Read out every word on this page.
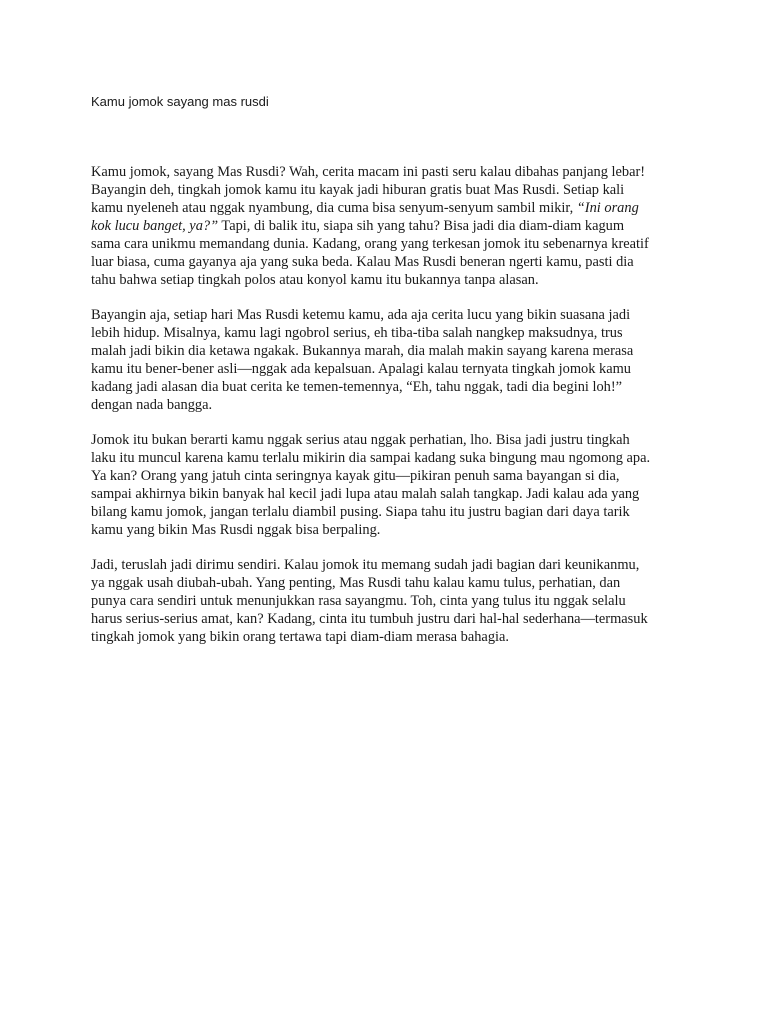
Kamu jomok sayang mas rusdi
Kamu jomok, sayang Mas Rusdi? Wah, cerita macam ini pasti seru kalau dibahas panjang lebar!
Bayangin deh, tingkah jomok kamu itu kayak jadi hiburan gratis buat Mas Rusdi. Setiap kali
kamu nyeleneh atau nggak nyambung, dia cuma bisa senyum-senyum sambil mikir, “Ini orang
kok lucu banget, ya?” Tapi, di balik itu, siapa sih yang tahu? Bisa jadi dia diam-diam kagum
sama cara unikmu memandang dunia. Kadang, orang yang terkesan jomok itu sebenarnya kreatif
luar biasa, cuma gayanya aja yang suka beda. Kalau Mas Rusdi beneran ngerti kamu, pasti dia
tahu bahwa setiap tingkah polos atau konyol kamu itu bukannya tanpa alasan.
Bayangin aja, setiap hari Mas Rusdi ketemu kamu, ada aja cerita lucu yang bikin suasana jadi
lebih hidup. Misalnya, kamu lagi ngobrol serius, eh tiba-tiba salah nangkep maksudnya, trus
malah jadi bikin dia ketawa ngakak. Bukannya marah, dia malah makin sayang karena merasa
kamu itu bener-bener asli—nggak ada kepalsuan. Apalagi kalau ternyata tingkah jomok kamu
kadang jadi alasan dia buat cerita ke temen-temennya, “Eh, tahu nggak, tadi dia begini loh!”
dengan nada bangga.
Jomok itu bukan berarti kamu nggak serius atau nggak perhatian, lho. Bisa jadi justru tingkah
laku itu muncul karena kamu terlalu mikirin dia sampai kadang suka bingung mau ngomong apa.
Ya kan? Orang yang jatuh cinta seringnya kayak gitu—pikiran penuh sama bayangan si dia,
sampai akhirnya bikin banyak hal kecil jadi lupa atau malah salah tangkap. Jadi kalau ada yang
bilang kamu jomok, jangan terlalu diambil pusing. Siapa tahu itu justru bagian dari daya tarik
kamu yang bikin Mas Rusdi nggak bisa berpaling.
Jadi, teruslah jadi dirimu sendiri. Kalau jomok itu memang sudah jadi bagian dari keunikanmu,
ya nggak usah diubah-ubah. Yang penting, Mas Rusdi tahu kalau kamu tulus, perhatian, dan
punya cara sendiri untuk menunjukkan rasa sayangmu. Toh, cinta yang tulus itu nggak selalu
harus serius-serius amat, kan? Kadang, cinta itu tumbuh justru dari hal-hal sederhana—termasuk
tingkah jomok yang bikin orang tertawa tapi diam-diam merasa bahagia.
